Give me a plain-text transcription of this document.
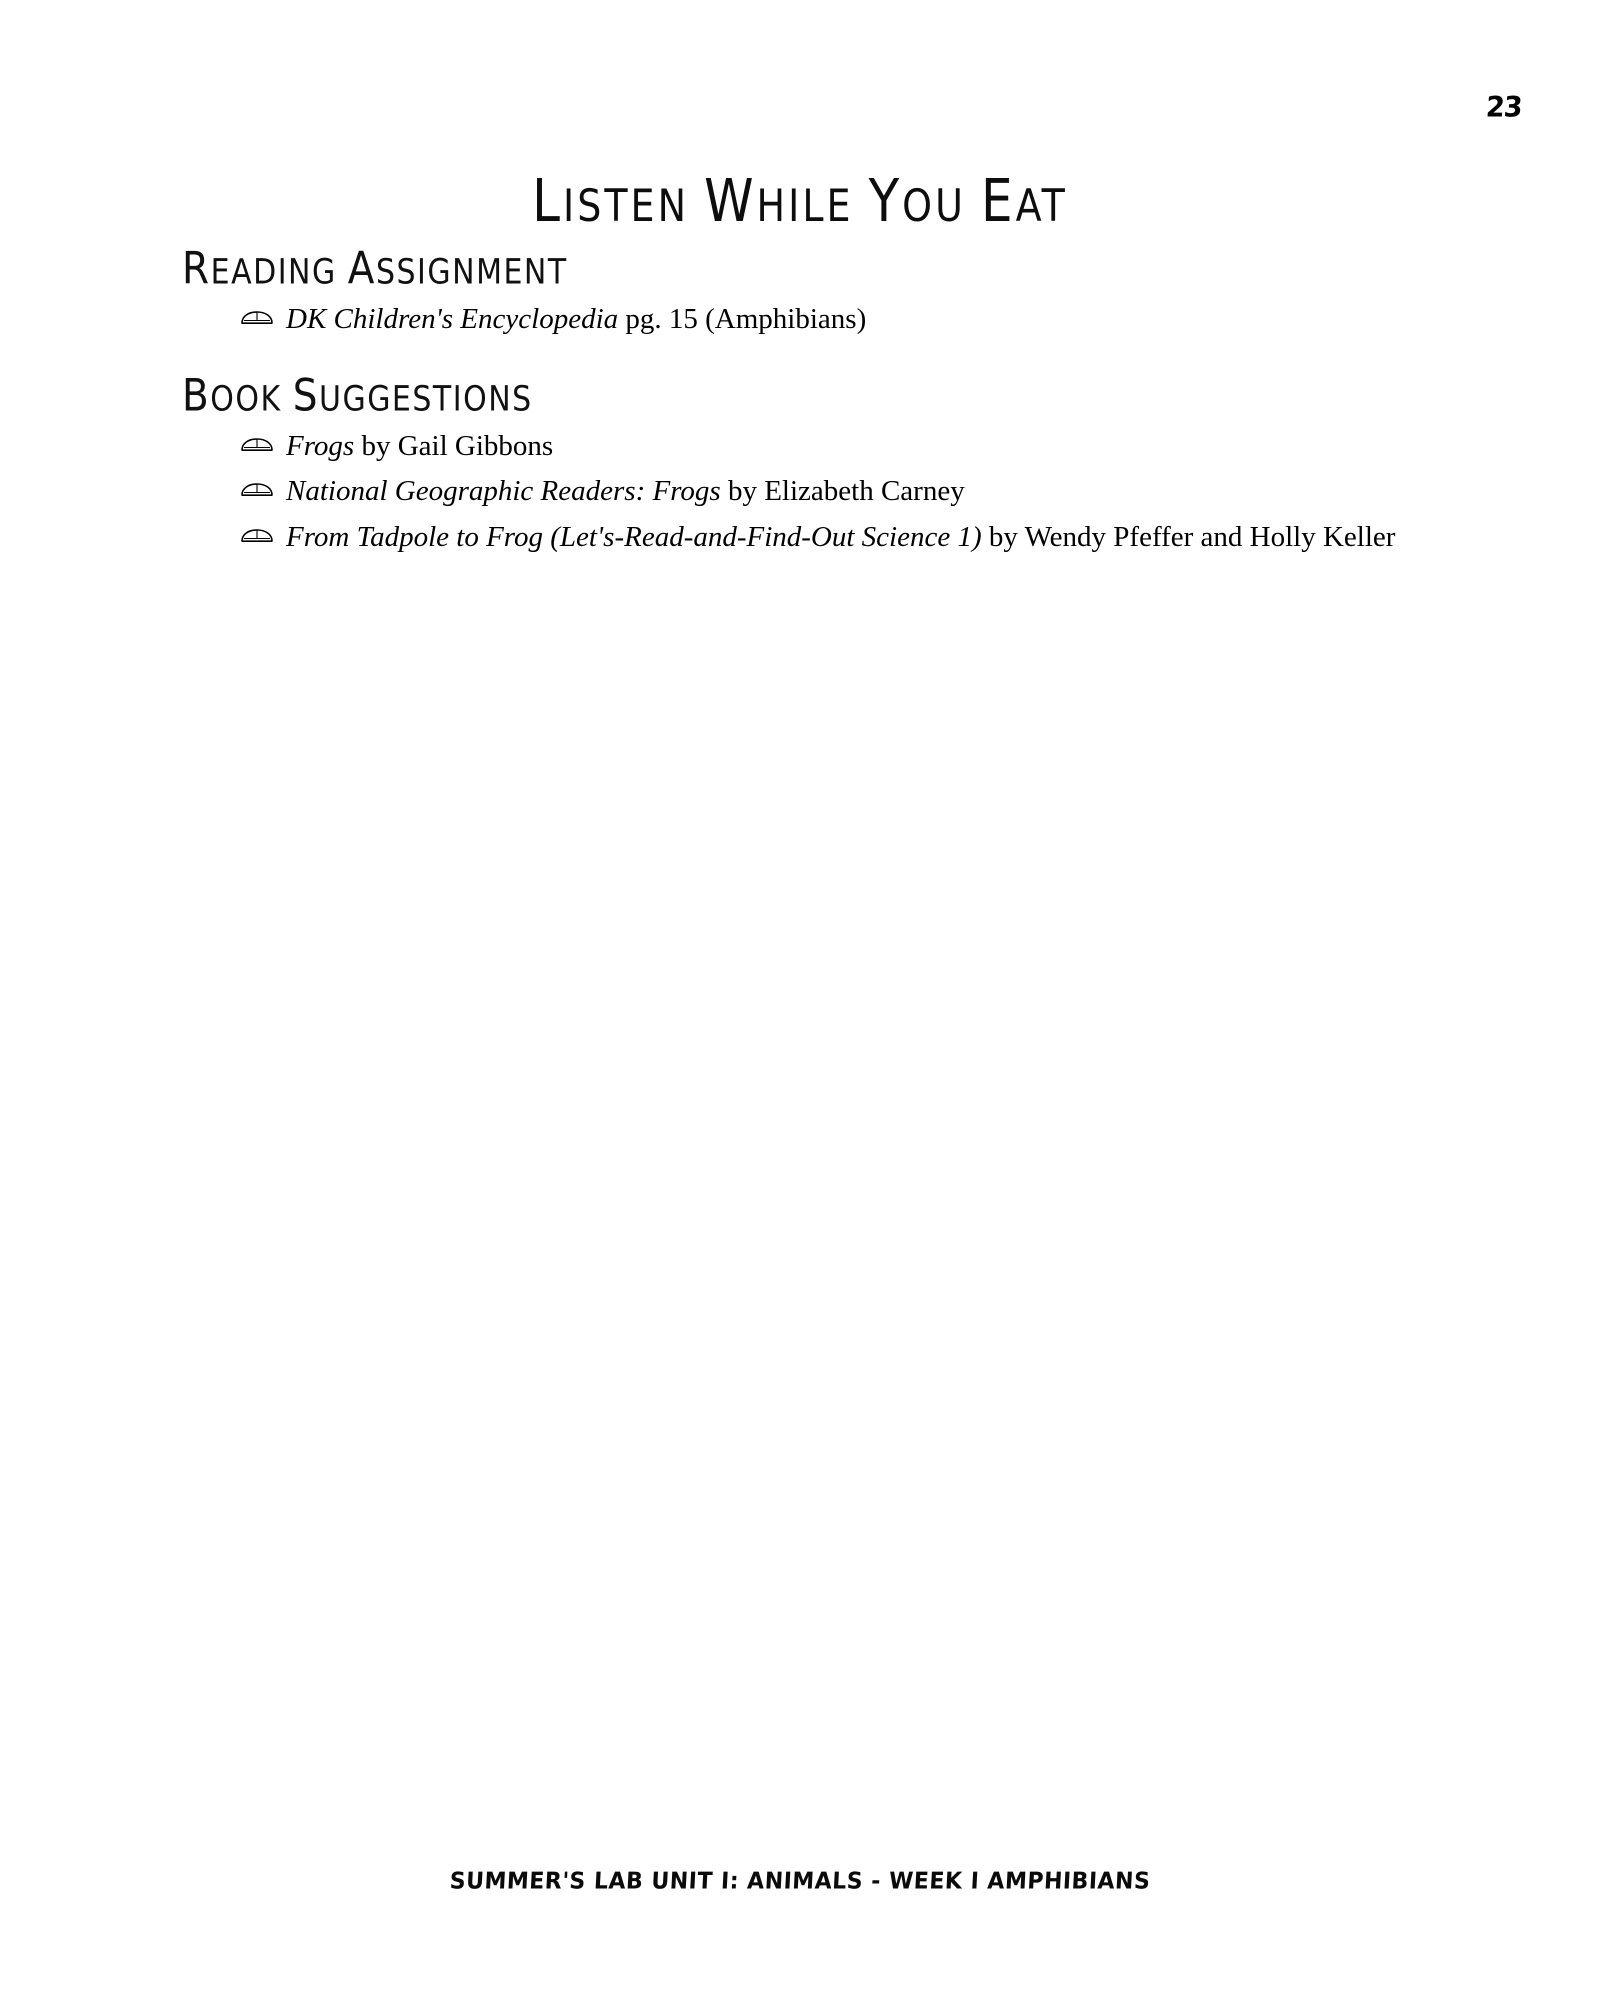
23
LISTEN WHILE YOU EAT
READING ASSIGNMENT
DK Children's Encyclopedia pg. 15 (Amphibians)
BOOK SUGGESTIONS
Frogs by Gail Gibbons
National Geographic Readers: Frogs by Elizabeth Carney
From Tadpole to Frog (Let's-Read-and-Find-Out Science 1) by Wendy Pfeffer and Holly Keller
SUMMER'S LAB UNIT I: ANIMALS - WEEK I AMPHIBIANS
